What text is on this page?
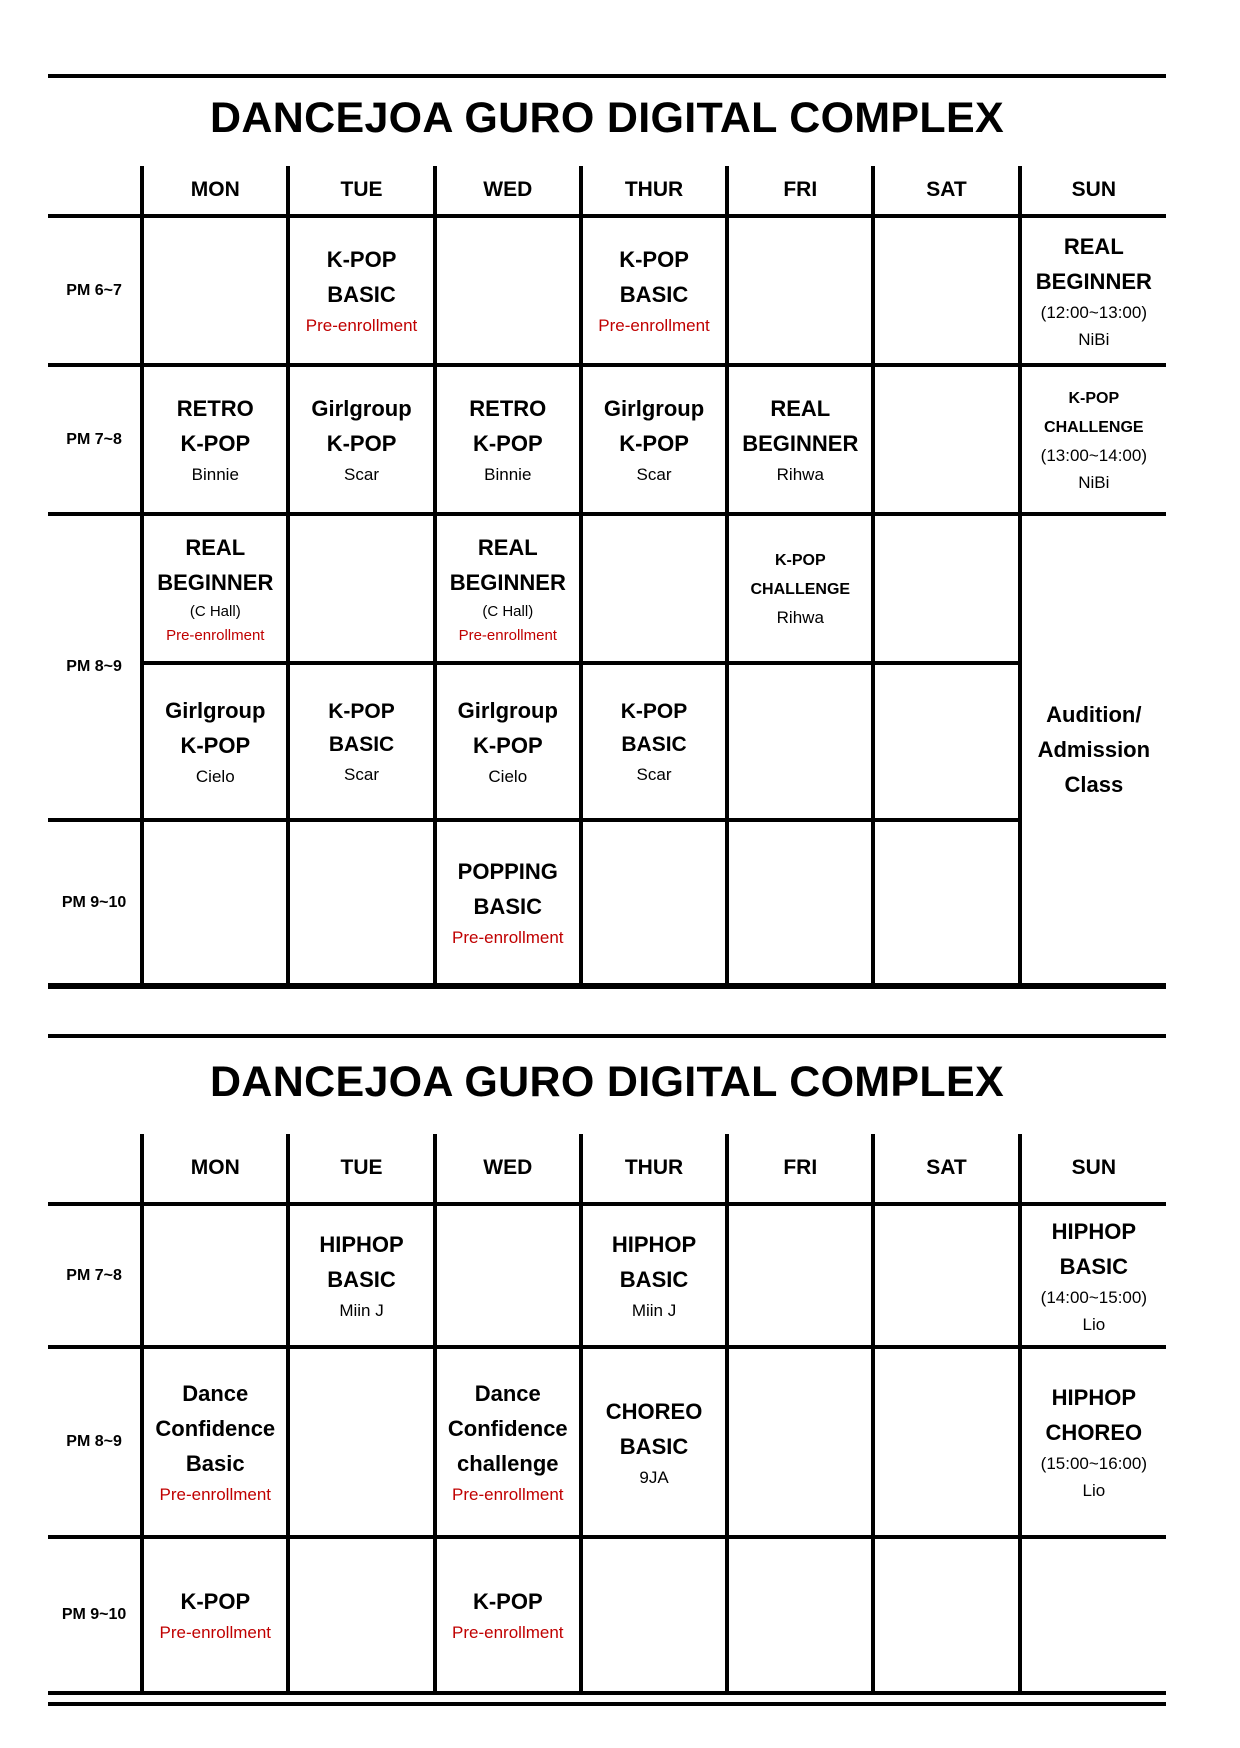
DANCEJOA GURO DIGITAL COMPLEX
	MON	TUE	WED	THUR	FRI	SAT	SUN
PM 6~7		K-POP
BASIC
Pre-enrollment		K-POP
BASIC
Pre-enrollment			REAL
BEGINNER
(12:00~13:00)
NiBi

PM 7~8	RETRO
K-POP
Binnie	Girlgroup
K-POP
Scar	RETRO
K-POP
Binnie	Girlgroup
K-POP
Scar	REAL
BEGINNER
Rihwa		K-POP
CHALLENGE
(13:00~14:00)
NiBi

PM 8~9	REAL
BEGINNER
(C Hall)
Pre-enrollment		REAL
BEGINNER
(C Hall)
Pre-enrollment		K-POP
CHALLENGE
Rihwa		Audition/
Admission
Class

	Girlgroup
K-POP
Cielo	K-POP
BASIC
Scar	Girlgroup
K-POP
Cielo	K-POP
BASIC
Scar			

PM 9~10			POPPING
BASIC
Pre-enrollment				

DANCEJOA GURO DIGITAL COMPLEX
	MON	TUE	WED	THUR	FRI	SAT	SUN
PM 7~8		HIPHOP
BASIC
Miin J		HIPHOP
BASIC
Miin J			HIPHOP
BASIC
(14:00~15:00)
Lio

PM 8~9	Dance
Confidence
Basic
Pre-enrollment		Dance
Confidence
challenge
Pre-enrollment	CHOREO
BASIC
9JA			HIPHOP
CHOREO
(15:00~16:00)
Lio

PM 9~10	K-POP
Pre-enrollment		K-POP
Pre-enrollment				
